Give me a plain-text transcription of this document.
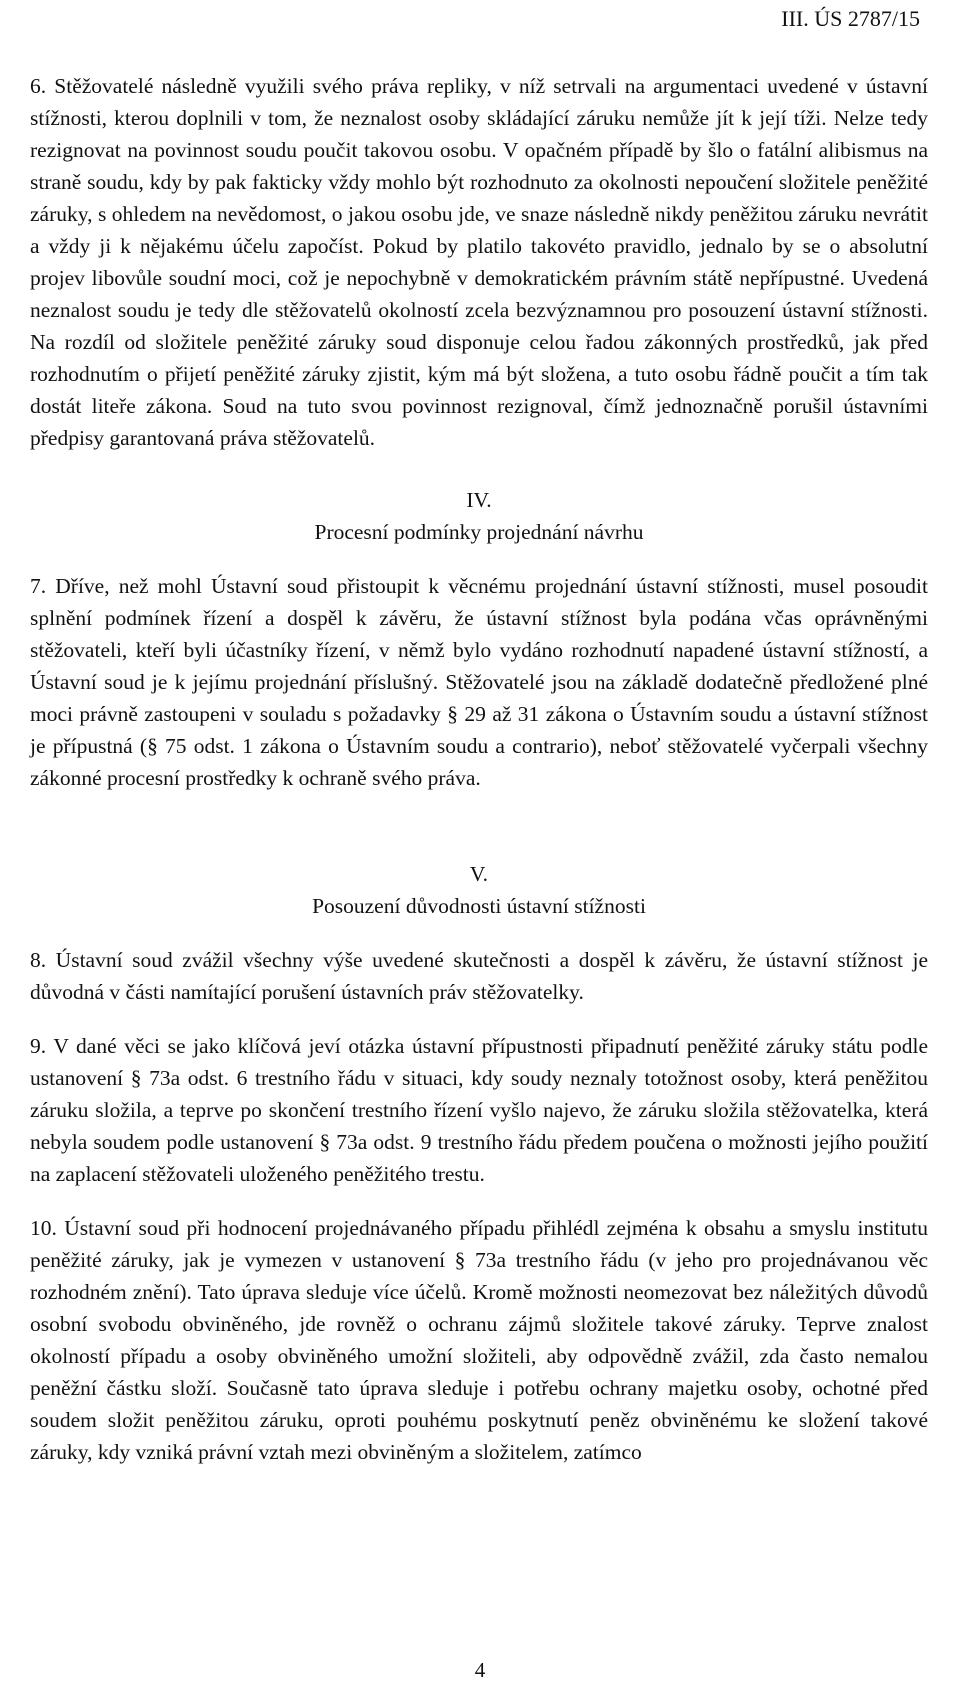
III. ÚS 2787/15

6. Stěžovatelé následně využili svého práva repliky, v níž setrvali na argumentaci uvedené v ústavní stížnosti, kterou doplnili v tom, že neznalost osoby skládající záruku nemůže jít k její tíži. Nelze tedy rezignovat na povinnost soudu poučit takovou osobu. V opačném případě by šlo o fatální alibismus na straně soudu, kdy by pak fakticky vždy mohlo být rozhodnuto za okolnosti nepoučení složitele peněžité záruky, s ohledem na nevědomost, o jakou osobu jde, ve snaze následně nikdy peněžitou záruku nevrátit a vždy ji k nějakému účelu započíst. Pokud by platilo takovéto pravidlo, jednalo by se o absolutní projev libovůle soudní moci, což je nepochybně v demokratickém právním státě nepřípustné. Uvedená neznalost soudu je tedy dle stěžovatelů okolností zcela bezvýznamnou pro posouzení ústavní stížnosti. Na rozdíl od složitele peněžité záruky soud disponuje celou řadou zákonných prostředků, jak před rozhodnutím o přijetí peněžité záruky zjistit, kým má být složena, a tuto osobu řádně poučit a tím tak dostát liteře zákona. Soud na tuto svou povinnost rezignoval, čímž jednoznačně porušil ústavními předpisy garantovaná práva stěžovatelů.

IV.

Procesní podmínky projednání návrhu

7. Dříve, než mohl Ústavní soud přistoupit k věcnému projednání ústavní stížnosti, musel posoudit splnění podmínek řízení a dospěl k závěru, že ústavní stížnost byla podána včas oprávněnými stěžovateli, kteří byli účastníky řízení, v němž bylo vydáno rozhodnutí napadené ústavní stížností, a Ústavní soud je k jejímu projednání příslušný. Stěžovatelé jsou na základě dodatečně předložené plné moci právně zastoupeni v souladu s požadavky § 29 až 31 zákona o Ústavním soudu a ústavní stížnost je přípustná (§ 75 odst. 1 zákona o Ústavním soudu a contrario), neboť stěžovatelé vyčerpali všechny zákonné procesní prostředky k ochraně svého práva.

V.

Posouzení důvodnosti ústavní stížnosti

8. Ústavní soud zvážil všechny výše uvedené skutečnosti a dospěl k závěru, že ústavní stížnost je důvodná v části namítající porušení ústavních práv stěžovatelky.

9. V dané věci se jako klíčová jeví otázka ústavní přípustnosti připadnutí peněžité záruky státu podle ustanovení § 73a odst. 6 trestního řádu v situaci, kdy soudy neznaly totožnost osoby, která peněžitou záruku složila, a teprve po skončení trestního řízení vyšlo najevo, že záruku složila stěžovatelka, která nebyla soudem podle ustanovení § 73a odst. 9 trestního řádu předem poučena o možnosti jejího použití na zaplacení stěžovateli uloženého peněžitého trestu.

10. Ústavní soud při hodnocení projednávaného případu přihlédl zejména k obsahu a smyslu institutu peněžité záruky, jak je vymezen v ustanovení § 73a trestního řádu (v jeho pro projednávanou věc rozhodném znění). Tato úprava sleduje více účelů. Kromě možnosti neomezovat bez náležitých důvodů osobní svobodu obviněného, jde rovněž o ochranu zájmů složitele takové záruky. Teprve znalost okolností případu a osoby obviněného umožní složiteli, aby odpovědně zvážil, zda často nemalou peněžní částku složí. Současně tato úprava sleduje i potřebu ochrany majetku osoby, ochotné před soudem složit peněžitou záruku, oproti pouhému poskytnutí peněz obviněnému ke složení takové záruky, kdy vzniká právní vztah mezi obviněným a složitelem, zatímco

4
